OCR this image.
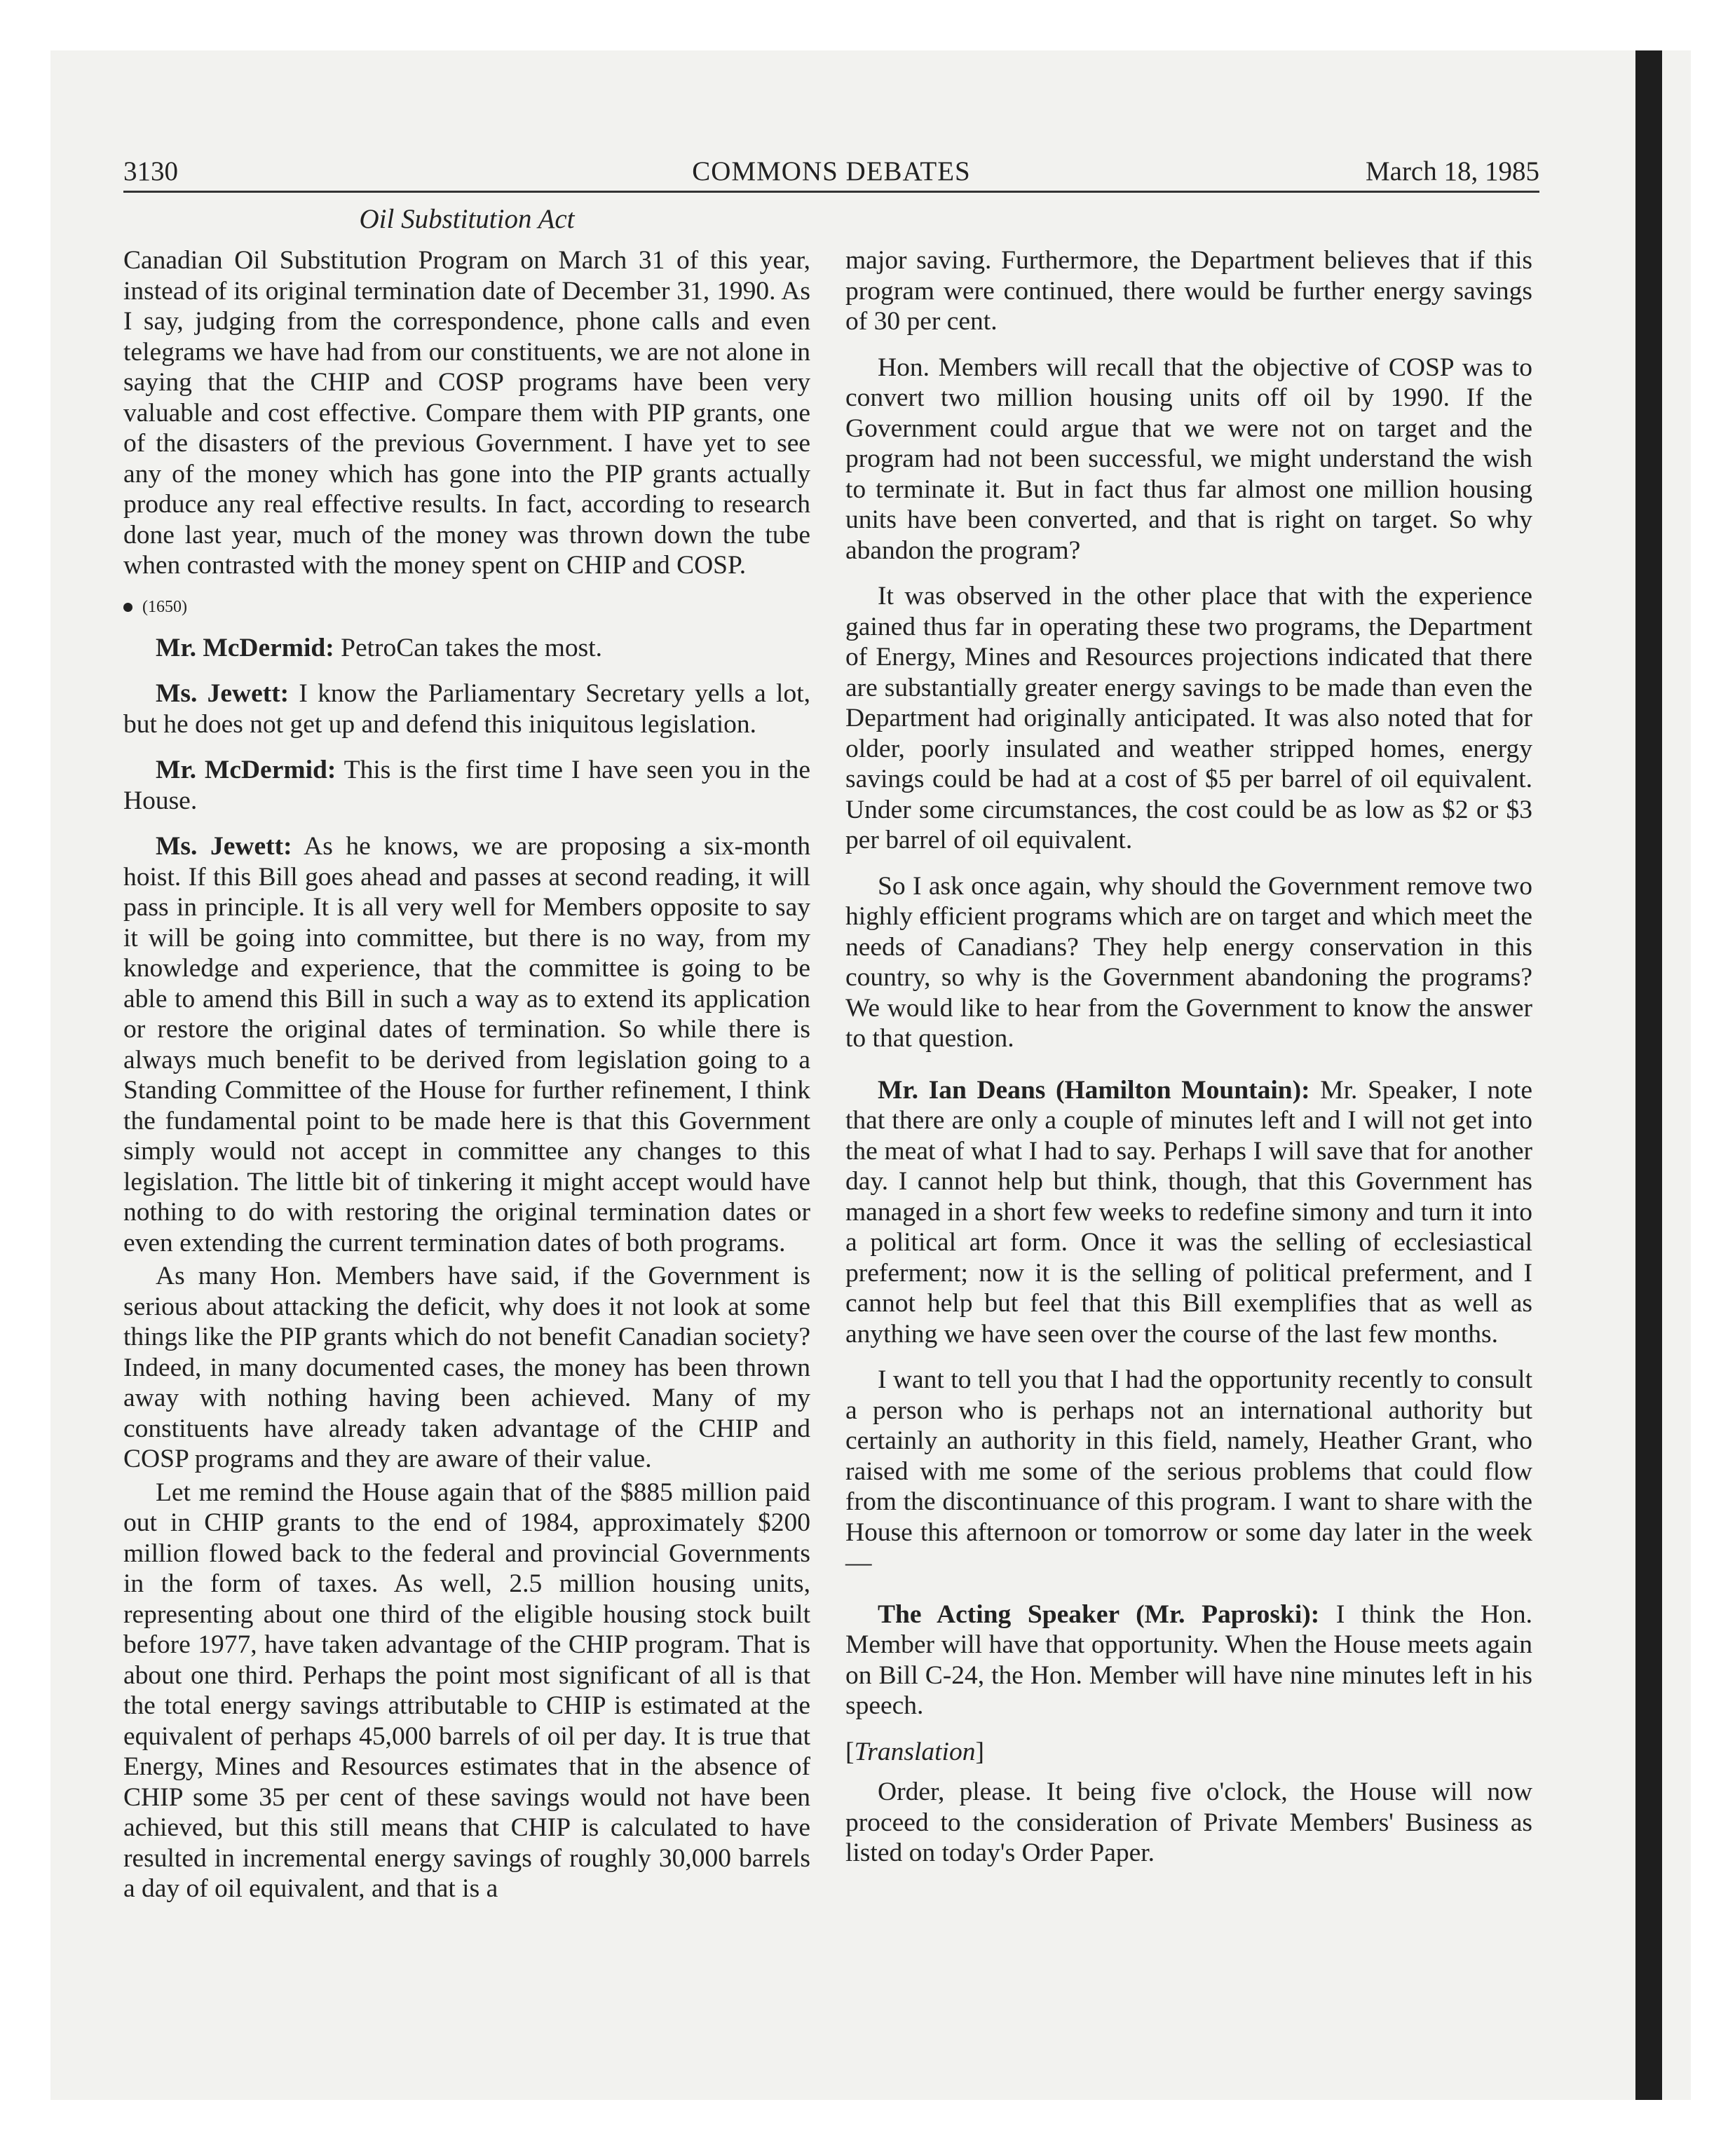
3130	COMMONS DEBATES	March 18, 1985
Oil Substitution Act

Canadian Oil Substitution Program on March 31 of this year, instead of its original termination date of December 31, 1990. As I say, judging from the correspondence, phone calls and even telegrams we have had from our constituents, we are not alone in saying that the CHIP and COSP programs have been very valuable and cost effective. Compare them with PIP grants, one of the disasters of the previous Government. I have yet to see any of the money which has gone into the PIP grants actually produce any real effective results. In fact, according to research done last year, much of the money was thrown down the tube when contrasted with the money spent on CHIP and COSP.

(1650)

Mr. McDermid: PetroCan takes the most.

Ms. Jewett: I know the Parliamentary Secretary yells a lot, but he does not get up and defend this iniquitous legislation.

Mr. McDermid: This is the first time I have seen you in the House.

Ms. Jewett: As he knows, we are proposing a six-month hoist. If this Bill goes ahead and passes at second reading, it will pass in principle. It is all very well for Members opposite to say it will be going into committee, but there is no way, from my knowledge and experience, that the committee is going to be able to amend this Bill in such a way as to extend its application or restore the original dates of termination. So while there is always much benefit to be derived from legislation going to a Standing Committee of the House for further refinement, I think the fundamental point to be made here is that this Government simply would not accept in committee any changes to this legislation. The little bit of tinkering it might accept would have nothing to do with restoring the original termination dates or even extending the current termination dates of both programs.

As many Hon. Members have said, if the Government is serious about attacking the deficit, why does it not look at some things like the PIP grants which do not benefit Canadian society? Indeed, in many documented cases, the money has been thrown away with nothing having been achieved. Many of my constituents have already taken advantage of the CHIP and COSP programs and they are aware of their value.

Let me remind the House again that of the $885 million paid out in CHIP grants to the end of 1984, approximately $200 million flowed back to the federal and provincial Governments in the form of taxes. As well, 2.5 million housing units, representing about one third of the eligible housing stock built before 1977, have taken advantage of the CHIP program. That is about one third. Perhaps the point most significant of all is that the total energy savings attributable to CHIP is estimated at the equivalent of perhaps 45,000 barrels of oil per day. It is true that Energy, Mines and Resources estimates that in the absence of CHIP some 35 per cent of these savings would not have been achieved, but this still means that CHIP is calculated to have resulted in incremental energy savings of roughly 30,000 barrels a day of oil equivalent, and that is a

major saving. Furthermore, the Department believes that if this program were continued, there would be further energy savings of 30 per cent.

Hon. Members will recall that the objective of COSP was to convert two million housing units off oil by 1990. If the Government could argue that we were not on target and the program had not been successful, we might understand the wish to terminate it. But in fact thus far almost one million housing units have been converted, and that is right on target. So why abandon the program?

It was observed in the other place that with the experience gained thus far in operating these two programs, the Department of Energy, Mines and Resources projections indicated that there are substantially greater energy savings to be made than even the Department had originally anticipated. It was also noted that for older, poorly insulated and weather stripped homes, energy savings could be had at a cost of $5 per barrel of oil equivalent. Under some circumstances, the cost could be as low as $2 or $3 per barrel of oil equivalent.

So I ask once again, why should the Government remove two highly efficient programs which are on target and which meet the needs of Canadians? They help energy conservation in this country, so why is the Government abandoning the programs? We would like to hear from the Government to know the answer to that question.

Mr. Ian Deans (Hamilton Mountain): Mr. Speaker, I note that there are only a couple of minutes left and I will not get into the meat of what I had to say. Perhaps I will save that for another day. I cannot help but think, though, that this Government has managed in a short few weeks to redefine simony and turn it into a political art form. Once it was the selling of ecclesiastical preferment; now it is the selling of political preferment, and I cannot help but feel that this Bill exemplifies that as well as anything we have seen over the course of the last few months.

I want to tell you that I had the opportunity recently to consult a person who is perhaps not an international authority but certainly an authority in this field, namely, Heather Grant, who raised with me some of the serious problems that could flow from the discontinuance of this program. I want to share with the House this afternoon or tomorrow or some day later in the week—

The Acting Speaker (Mr. Paproski): I think the Hon. Member will have that opportunity. When the House meets again on Bill C-24, the Hon. Member will have nine minutes left in his speech.

[Translation]

Order, please. It being five o'clock, the House will now proceed to the consideration of Private Members' Business as listed on today's Order Paper.
